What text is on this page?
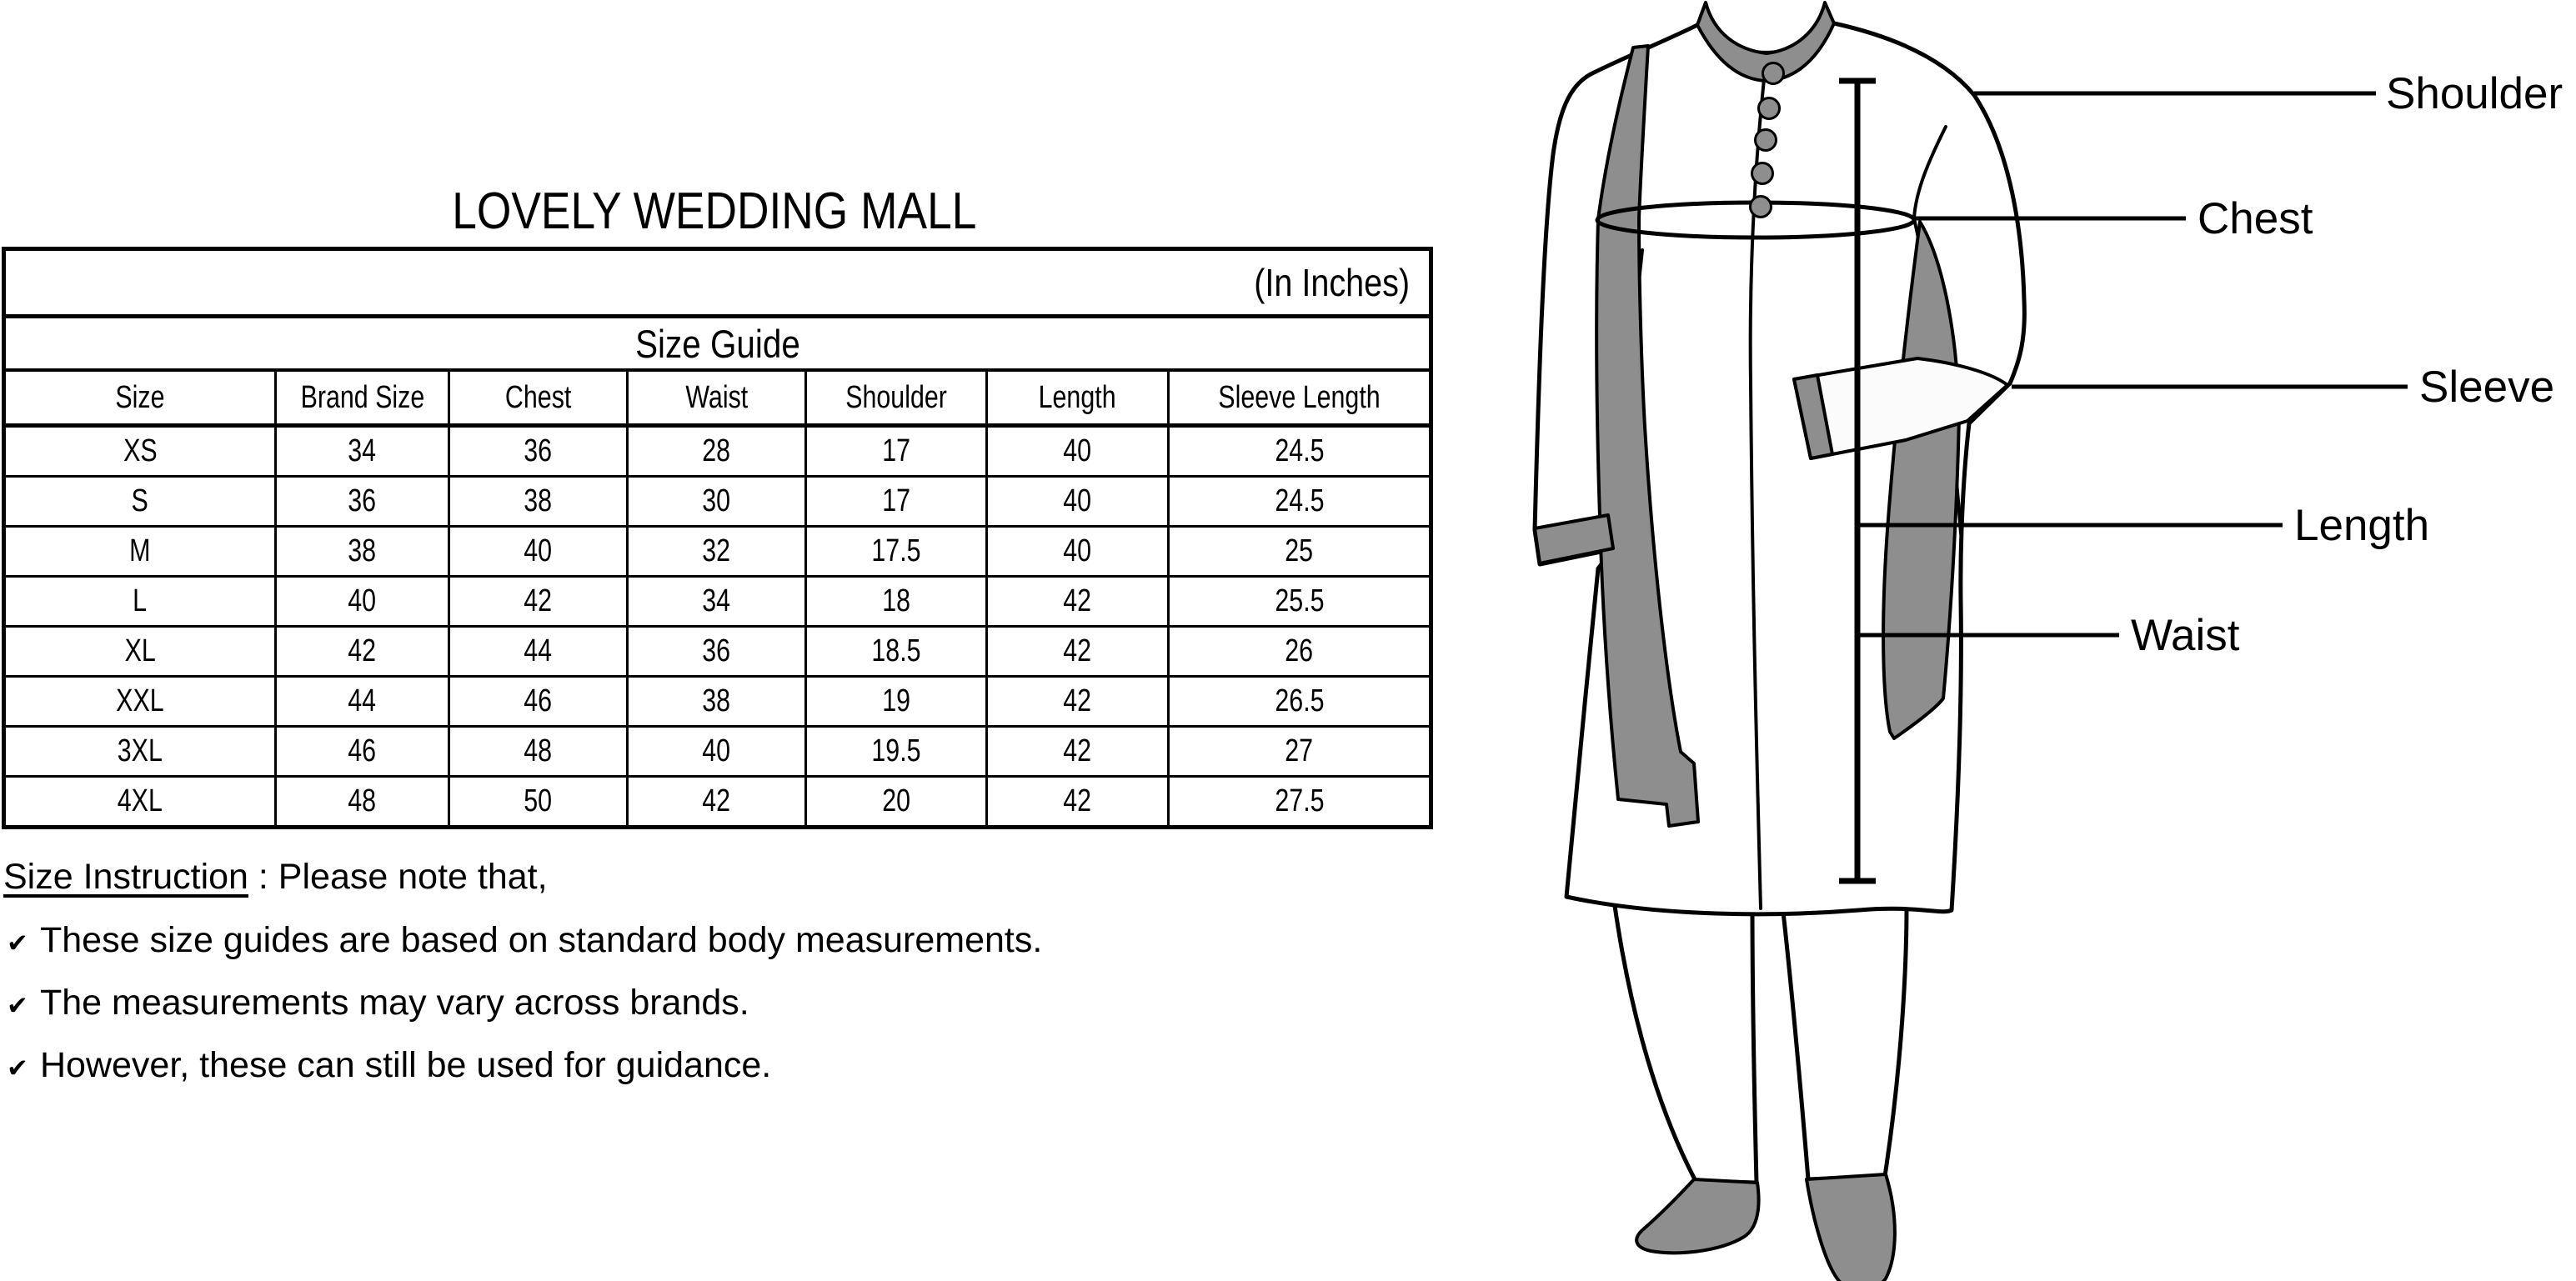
LOVELY WEDDING MALL
(In Inches)						
Size Guide						
Size	Brand Size	Chest	Waist	Shoulder	Length	Sleeve Length
XS	34	36	28	17	40	24.5
S	36	38	30	17	40	24.5
M	38	40	32	17.5	40	25
L	40	42	34	18	42	25.5
XL	42	44	36	18.5	42	26
XXL	44	46	38	19	42	26.5
3XL	46	48	40	19.5	42	27
4XL	48	50	42	20	42	27.5
Size Instruction : Please note that,
✔ These size guides are based on standard body measurements.
✔ The measurements may vary across brands.
✔ However, these can still be used for guidance.
Shoulder
Chest
Sleeve
Length
Waist
